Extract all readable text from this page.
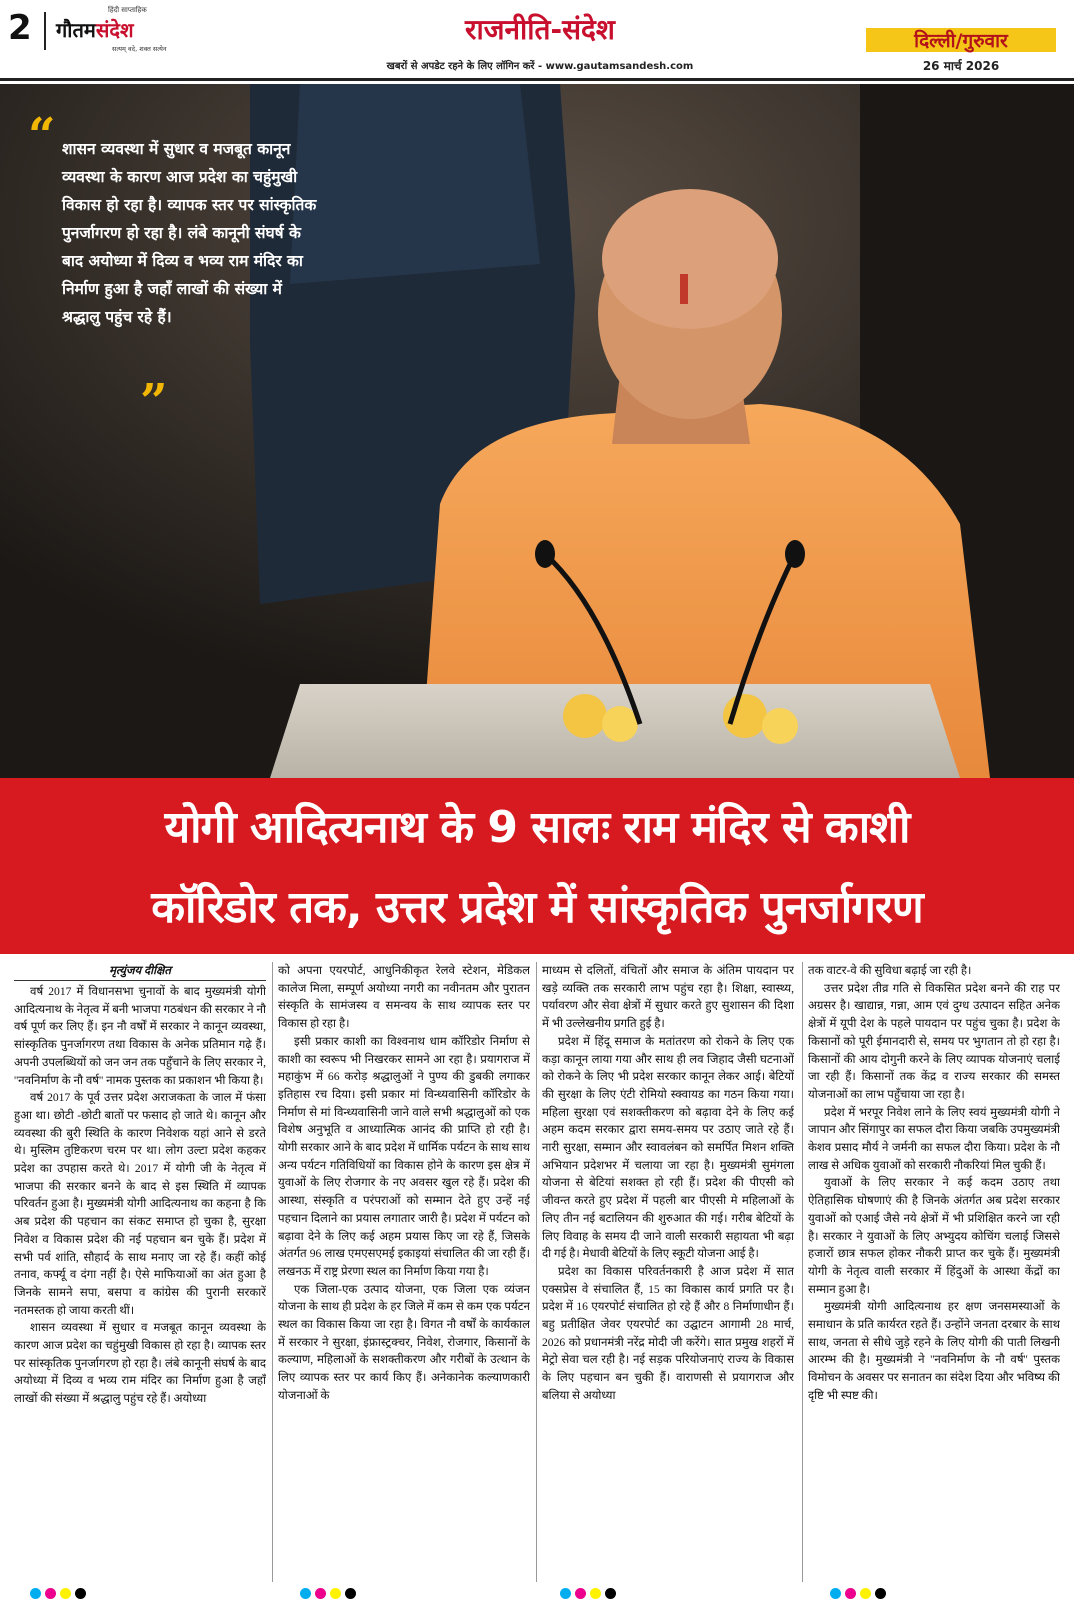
2	हिंदी साप्ताहिक
गौतमसंदेश
सत्यम् वदे, शक्त सत्येन
राजनीति-संदेश
खबरों से अपडेट रहने के लिए लॉगिन करें - www.gautamsandesh.com
दिल्ली/गुरुवार
26 मार्च 2026
“ शासन व्यवस्था में सुधार व मजबूत कानून व्यवस्था के कारण आज प्रदेश का चहुंमुखी विकास हो रहा है। व्यापक स्तर पर सांस्कृतिक पुनर्जागरण हो रहा है। लंबे कानूनी संघर्ष के बाद अयोध्या में दिव्य व भव्य राम मंदिर का निर्माण हुआ है जहाँ लाखों की संख्या में श्रद्धालु पहुंच रहे हैं।
”
योगी आदित्यनाथ के 9 सालः राम मंदिर से काशी
कॉरिडोर तक, उत्तर प्रदेश में सांस्कृतिक पुनर्जागरण

मृत्युंजय दीक्षित

वर्ष 2017 में विधानसभा चुनावों के बाद मुख्यमंत्री योगी आदित्यनाथ के नेतृत्व में बनी भाजपा गठबंधन की सरकार ने नौ वर्ष पूर्ण कर लिए हैं। इन नौ वर्षों में सरकार ने कानून व्यवस्था, सांस्कृतिक पुनर्जागरण तथा विकास के अनेक प्रतिमान गढ़े हैं। अपनी उपलब्धियों को जन जन तक पहुँचाने के लिए सरकार ने, ''नवनिर्माण के नौ वर्ष'' नामक पुस्तक का प्रकाशन भी किया है।

वर्ष 2017 के पूर्व उत्तर प्रदेश अराजकता के जाल में फंसा हुआ था। छोटी -छोटी बातों पर फसाद हो जाते थे। कानून और व्यवस्था की बुरी स्थिति के कारण निवेशक यहां आने से डरते थे। मुस्लिम तुष्टिकरण चरम पर था। लोग उल्टा प्रदेश कहकर प्रदेश का उपहास करते थे। 2017 में योगी जी के नेतृत्व में भाजपा की सरकार बनने के बाद से इस स्थिति में व्यापक परिवर्तन हुआ है। मुख्यमंत्री योगी आदित्यनाथ का कहना है कि अब प्रदेश की पहचान का संकट समाप्त हो चुका है, सुरक्षा निवेश व विकास प्रदेश की नई पहचान बन चुके हैं। प्रदेश में सभी पर्व शांति, सौहार्द के साथ मनाए जा रहे हैं। कहीं कोई तनाव, कर्फ्यू व दंगा नहीं है। ऐसे माफियाओं का अंत हुआ है जिनके सामने सपा, बसपा व कांग्रेस की पुरानी सरकारें नतमस्तक हो जाया करती थीं।

शासन व्यवस्था में सुधार व मजबूत कानून व्यवस्था के कारण आज प्रदेश का चहुंमुखी विकास हो रहा है। व्यापक स्तर पर सांस्कृतिक पुनर्जागरण हो रहा है। लंबे कानूनी संघर्ष के बाद अयोध्या में दिव्य व भव्य राम मंदिर का निर्माण हुआ है जहाँ लाखों की संख्या में श्रद्धालु पहुंच रहे हैं। अयोध्या

को अपना एयरपोर्ट, आधुनिकीकृत रेलवे स्टेशन, मेडिकल कालेज मिला, सम्पूर्ण अयोध्या नगरी का नवीनतम और पुरातन संस्कृति के सामंजस्य व समन्वय के साथ व्यापक स्तर पर विकास हो रहा है।

इसी प्रकार काशी का विश्वनाथ धाम कॉरिडोर निर्माण से काशी का स्वरूप भी निखरकर सामने आ रहा है। प्रयागराज में महाकुंभ में 66 करोड़ श्रद्धालुओं ने पुण्य की डुबकी लगाकर इतिहास रच दिया। इसी प्रकार मां विन्ध्यवासिनी कॉरिडोर के निर्माण से मां विन्ध्यवासिनी जाने वाले सभी श्रद्धालुओं को एक विशेष अनुभूति व आध्यात्मिक आनंद की प्राप्ति हो रही है। योगी सरकार आने के बाद प्रदेश में धार्मिक पर्यटन के साथ साथ अन्य पर्यटन गतिविधियों का विकास होने के कारण इस क्षेत्र में युवाओं के लिए रोजगार के नए अवसर खुल रहे हैं। प्रदेश की आस्था, संस्कृति व परंपराओं को सम्मान देते हुए उन्हें नई पहचान दिलाने का प्रयास लगातार जारी है। प्रदेश में पर्यटन को बढ़ावा देने के लिए कई अहम प्रयास किए जा रहे हैं, जिसके अंतर्गत 96 लाख एमएसएमई इकाइयां संचालित की जा रही हैं। लखनऊ में राष्ट्र प्रेरणा स्थल का निर्माण किया गया है।

एक जिला-एक उत्पाद योजना, एक जिला एक व्यंजन योजना के साथ ही प्रदेश के हर जिले में कम से कम एक पर्यटन स्थल का विकास किया जा रहा है। विगत नौ वर्षों के कार्यकाल में सरकार ने सुरक्षा, इंफ्रास्ट्रक्चर, निवेश, रोजगार, किसानों के कल्याण, महिलाओं के सशक्तीकरण और गरीबों के उत्थान के लिए व्यापक स्तर पर कार्य किए हैं। अनेकानेक कल्याणकारी योजनाओं के

माध्यम से दलितों, वंचितों और समाज के अंतिम पायदान पर खड़े व्यक्ति तक सरकारी लाभ पहुंच रहा है। शिक्षा, स्वास्थ्य, पर्यावरण और सेवा क्षेत्रों में सुधार करते हुए सुशासन की दिशा में भी उल्लेखनीय प्रगति हुई है।

प्रदेश में हिंदू समाज के मतांतरण को रोकने के लिए एक कड़ा कानून लाया गया और साथ ही लव जिहाद जैसी घटनाओं को रोकने के लिए भी प्रदेश सरकार कानून लेकर आई। बेटियों की सुरक्षा के लिए एंटी रोमियो स्क्वायड का गठन किया गया। महिला सुरक्षा एवं सशक्तीकरण को बढ़ावा देने के लिए कई अहम कदम सरकार द्वारा समय-समय पर उठाए जाते रहे हैं। नारी सुरक्षा, सम्मान और स्वावलंबन को समर्पित मिशन शक्ति अभियान प्रदेशभर में चलाया जा रहा है। मुख्यमंत्री सुमंगला योजना से बेटियां सशक्त हो रही हैं। प्रदेश की पीएसी को जीवन्त करते हुए प्रदेश में पहली बार पीएसी मे महिलाओं के लिए तीन नई बटालियन की शुरुआत की गई। गरीब बेटियों के लिए विवाह के समय दी जाने वाली सरकारी सहायता भी बढ़ा दी गई है। मेधावी बेटियों के लिए स्कूटी योजना आई है।

प्रदेश का विकास परिवर्तनकारी है आज प्रदेश में सात एक्सप्रेस वे संचालित हैं, 15 का विकास कार्य प्रगति पर है। प्रदेश में 16 एयरपोर्ट संचालित हो रहे हैं और 8 निर्माणाधीन हैं। बहु प्रतीक्षित जेवर एयरपोर्ट का उद्घाटन आगामी 28 मार्च, 2026 को प्रधानमंत्री नरेंद्र मोदी जी करेंगे। सात प्रमुख शहरों में मेट्रो सेवा चल रही है। नई सड़क परियोजनाएं राज्य के विकास के लिए पहचान बन चुकी हैं। वाराणसी से प्रयागराज और बलिया से अयोध्या

तक वाटर-वे की सुविधा बढ़ाई जा रही है।

उत्तर प्रदेश तीव्र गति से विकसित प्रदेश बनने की राह पर अग्रसर है। खाद्यान्न, गन्ना, आम एवं दुग्ध उत्पादन सहित अनेक क्षेत्रों में यूपी देश के पहले पायदान पर पहुंच चुका है। प्रदेश के किसानों को पूरी ईमानदारी से, समय पर भुगतान तो हो रहा है। किसानों की आय दोगुनी करने के लिए व्यापक योजनाएं चलाई जा रही हैं। किसानों तक केंद्र व राज्य सरकार की समस्त योजनाओं का लाभ पहुँचाया जा रहा है।

प्रदेश में भरपूर निवेश लाने के लिए स्वयं मुख्यमंत्री योगी ने जापान और सिंगापुर का सफल दौरा किया जबकि उपमुख्यमंत्री केशव प्रसाद मौर्य ने जर्मनी का सफल दौरा किया। प्रदेश के नौ लाख से अधिक युवाओं को सरकारी नौकरियां मिल चुकी हैं।

युवाओं के लिए सरकार ने कई कदम उठाए तथा ऐतिहासिक घोषणाएं की है जिनके अंतर्गत अब प्रदेश सरकार युवाओं को एआई जैसे नये क्षेत्रों में भी प्रशिक्षित करने जा रही है। सरकार ने युवाओं के लिए अभ्युदय कोचिंग चलाई जिससे हजारों छात्र सफल होकर नौकरी प्राप्त कर चुके हैं। मुख्यमंत्री योगी के नेतृत्व वाली सरकार में हिंदुओं के आस्था केंद्रों का सम्मान हुआ है।

मुख्यमंत्री योगी आदित्यनाथ हर क्षण जनसमस्याओं के समाधान के प्रति कार्यरत रहते हैं। उन्होंने जनता दरबार के साथ साथ, जनता से सीधे जुड़े रहने के लिए योगी की पाती लिखनी आरम्भ की है। मुख्यमंत्री ने ''नवनिर्माण के नौ वर्ष'' पुस्तक विमोचन के अवसर पर सनातन का संदेश दिया और भविष्य की दृष्टि भी स्पष्ट की।
